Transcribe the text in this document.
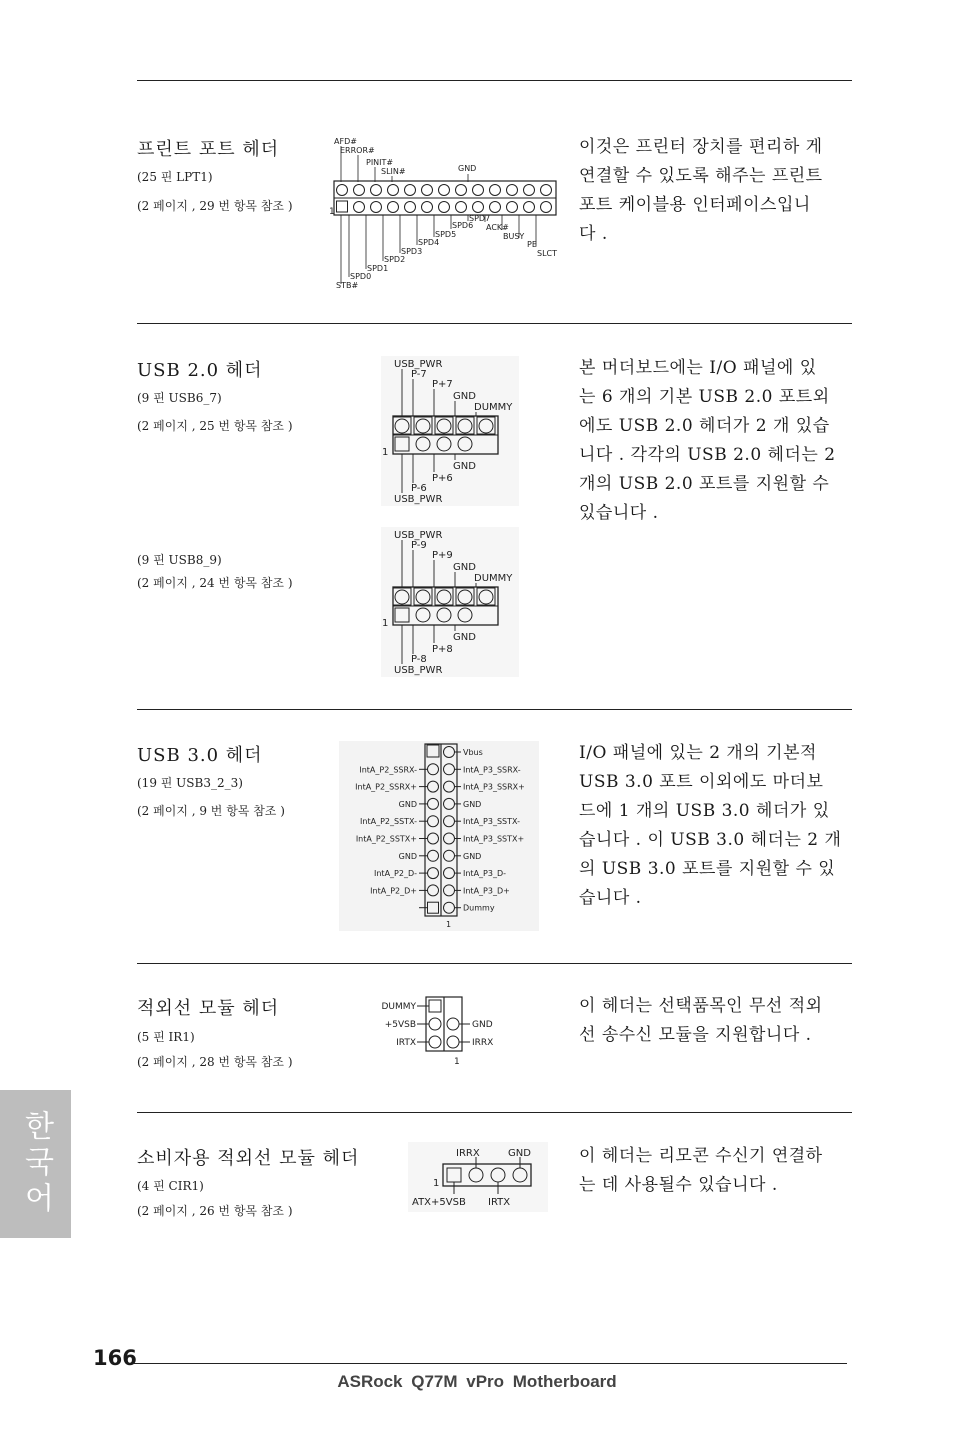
프린트 포트 헤더
(25 핀 LPT1)
(2 페이지 , 29 번 항목 참조 )
이것은 프린터 장치를 편리하 게
연결할 수 있도록 해주는 프린트
포트 케이블용 인터페이스입니
다 .
1
AFD#
ERROR#
PINIT#
SLIN#	GND
SPD7
SPD6 ACK#
SPD5	BUSY
SPD4	PE
SPD3	SLCT
SPD2
SPD1
SPD0
STB#
USB 2.0 헤더
(9 핀 USB6_7)
(2 페이지 , 25 번 항목 참조 )
(9 핀 USB8_9)
(2 페이지 , 24 번 항목 참조 )
본 머더보드에는 I/O 패널에 있
는 6 개의 기본 USB 2.0 포트외
에도 USB 2.0 헤더가 2 개 있습
니다 . 각각의 USB 2.0 헤더는 2
개의 USB 2.0 포트를 지원할 수
있습니다 .
USB_PWR
P-7
P+7
GND
DUMMY
GND
P+6
P-6
USB_PWR
1
USB_PWR
P-9
P+9
GND
DUMMY
GND
P+8
P-8
USB_PWR
1
USB 3.0 헤더
(19 핀 USB3_2_3)
(2 페이지 , 9 번 항목 참조 )
I/O 패널에 있는 2 개의 기본적
USB 3.0 포트 이외에도 마더보
드에 1 개의 USB 3.0 헤더가 있
습니다 . 이 USB 3.0 헤더는 2 개
의 USB 3.0 포트를 지원할 수 있
습니다 .
IntA_P2_SSRX-
IntA_P2_SSRX+
GND
IntA_P2_SSTX-
IntA_P2_SSTX+
GND
IntA_P2_D-
IntA_P2_D+
Vbus
IntA_P3_SSRX-
IntA_P3_SSRX+
GND
IntA_P3_SSTX-
IntA_P3_SSTX+
GND
IntA_P3_D-
IntA_P3_D+
Dummy
1
적외선 모듈 헤더
(5 핀 IR1)
(2 페이지 , 28 번 항목 참조 )
이 헤더는 선택품목인 무선 적외
선 송수신 모듈을 지원합니다 .
DUMMY
+5VSB
IRTX
GND
IRRX
1
소비자용 적외선 모듈 헤더
(4 핀 CIR1)
(2 페이지 , 26 번 항목 참조 )
이 헤더는 리모콘 수신기 연결하
는 데 사용될수 있습니다 .
IRRX	GND
ATX+5VSB IRTX
1
한국어
166
ASRock Q77M vPro Motherboard
